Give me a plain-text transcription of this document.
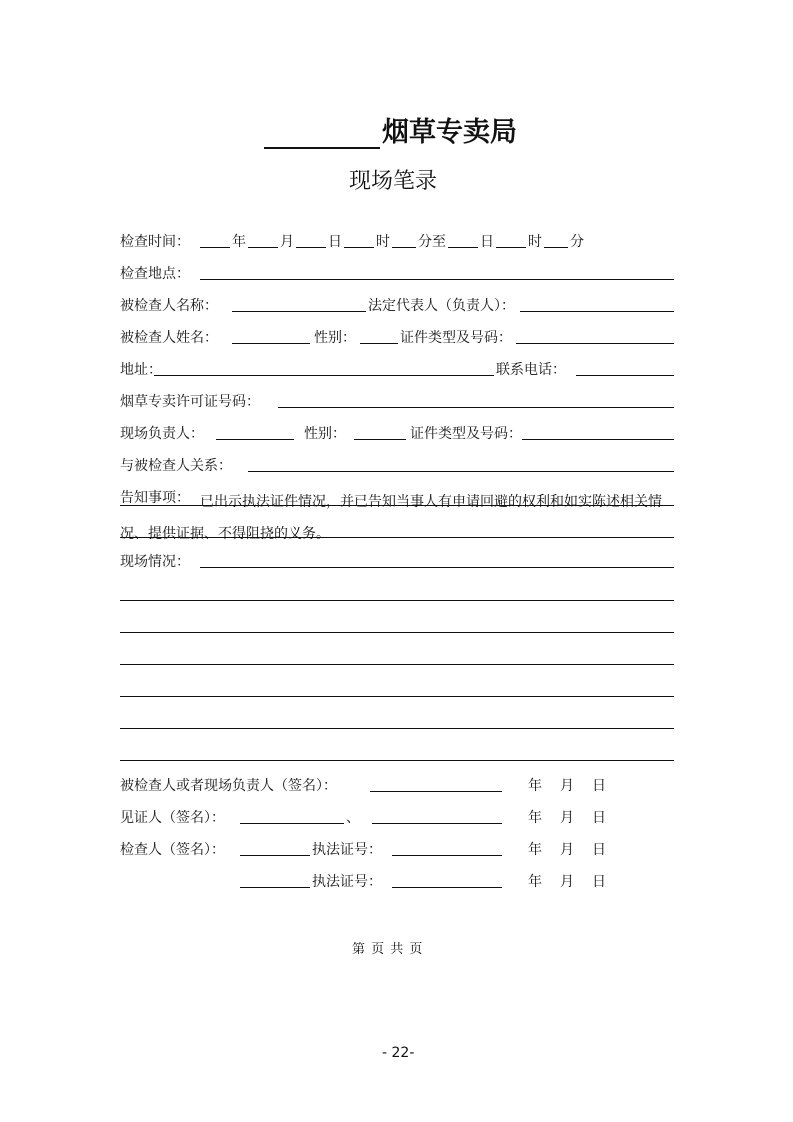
烟草专卖局
现场笔录
检查时间：	年 月 日 时 分至 日 时 分
检查地点：
被检查人名称：	法定代表人（负责人）：
被检查人姓名：	性别：	证件类型及号码：
地址：	联系电话：
烟草专卖许可证号码：
现场负责人：	性别：	证件类型及号码：
与被检查人关系：
告知事项： 已出示执法证件情况，并已告知当事人有申请回避的权利和如实陈述相关情况、提供证据、不得阻挠的义务。
现场情况：
被检查人或者现场负责人（签名）：	年 月 日
见证人（签名）：	、	年 月 日
检查人（签名）：	执法证号：	年 月 日
执法证号：	年 月 日
第 页 共 页
- 22-
